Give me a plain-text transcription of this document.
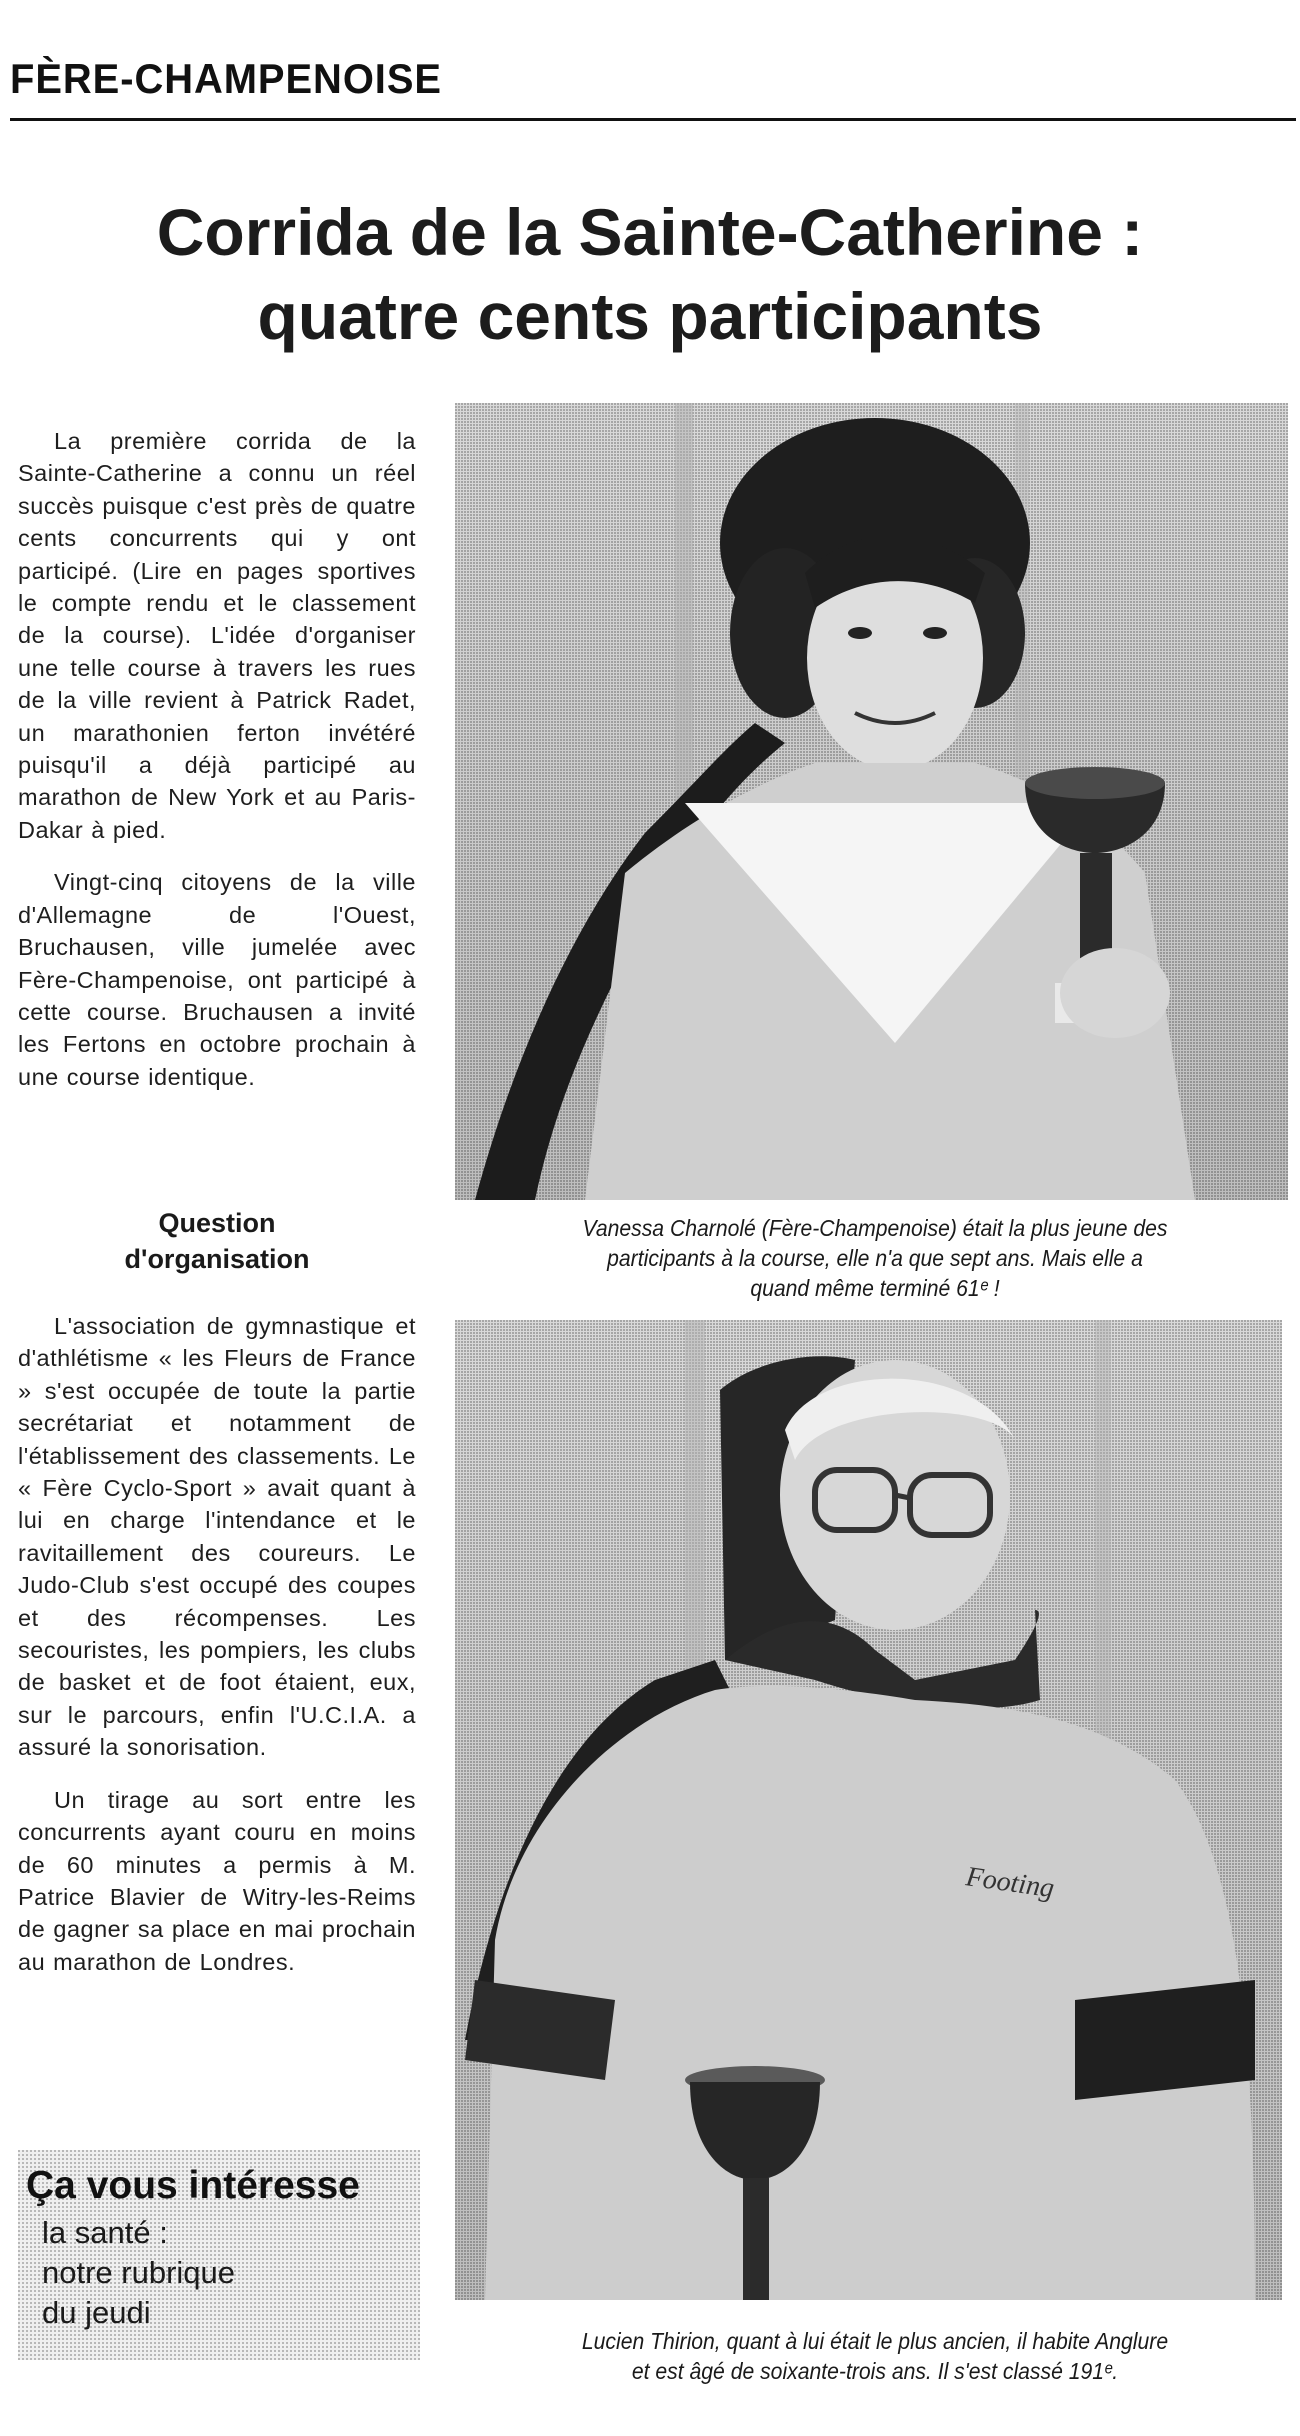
FÈRE-CHAMPENOISE
Corrida de la Sainte-Catherine :
quatre cents participants

La première corrida de la Sainte-Catherine a connu un réel succès puisque c'est près de quatre cents concurrents qui y ont participé. (Lire en pages sportives le compte rendu et le classement de la course). L'idée d'organiser une telle course à travers les rues de la ville revient à Patrick Radet, un marathonien ferton invétéré puisqu'il a déjà participé au marathon de New York et au Paris-Dakar à pied.

Vingt-cinq citoyens de la ville d'Allemagne de l'Ouest, Bruchausen, ville jumelée avec Fère-Champenoise, ont participé à cette course. Bruchausen a invité les Fertons en octobre prochain à une course identique.

Question
d'organisation

L'association de gymnastique et d'athlétisme « les Fleurs de France » s'est occupée de toute la partie secrétariat et notamment de l'établissement des classements. Le « Fère Cyclo-Sport » avait quant à lui en charge l'intendance et le ravitaillement des coureurs. Le Judo-Club s'est occupé des coupes et des récompenses. Les secouristes, les pompiers, les clubs de basket et de foot étaient, eux, sur le parcours, enfin l'U.C.I.A. a assuré la sonorisation.

Un tirage au sort entre les concurrents ayant couru en moins de 60 minutes a permis à M. Patrice Blavier de Witry-les-Reims de gagner sa place en mai prochain au marathon de Londres.

Ça vous intéresse
la santé :
notre rubrique
du jeudi
Vanessa Charnolé (Fère-Champenoise) était la plus jeune des
participants à la course, elle n'a que sept ans. Mais elle a
quand même terminé 61ᵉ !
Footing
Lucien Thirion, quant à lui était le plus ancien, il habite Anglure
et est âgé de soixante-trois ans. Il s'est classé 191ᵉ.
